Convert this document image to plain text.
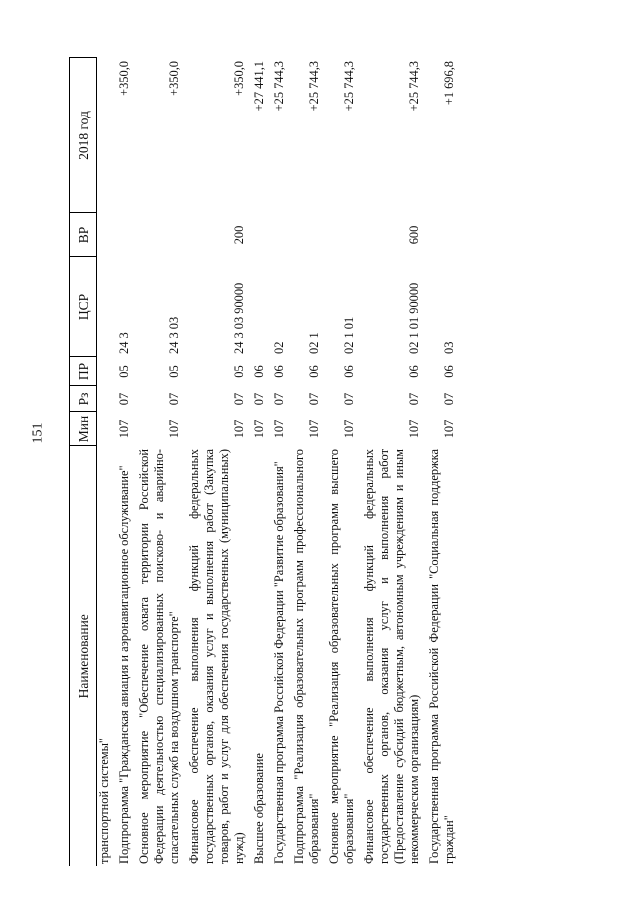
151
Наименование	Мин	Рз	ПР	ЦСР	ВР	2018 год
транспортной системы"						
Подпрограмма "Гражданская авиация и аэронавигационное обслуживание"	107	07	05	24 3		+350,0
Основное мероприятие "Обеспечение охвата территории Российской Федерации деятельностью специализированных поисково- и аварийно-спасательных служб на воздушном транспорте"	107	07	05	24 3 03		+350,0
Финансовое обеспечение выполнения функций федеральных государственных органов, оказания услуг и выполнения работ (Закупка товаров, работ и услуг для обеспечения государственных (муниципальных) нужд)	107	07	05	24 3 03 90000	200	+350,0
Высшее образование	107	07	06			+27 441,1
Государственная программа Российской Федерации "Развитие образования"	107	07	06	02		+25 744,3
Подпрограмма "Реализация образовательных программ профессионального образования"	107	07	06	02 1		+25 744,3
Основное мероприятие "Реализация образовательных программ высшего образования"	107	07	06	02 1 01		+25 744,3
Финансовое обеспечение выполнения функций федеральных государственных органов, оказания услуг и выполнения работ (Предоставление субсидий бюджетным, автономным учреждениям и иным некоммерческим организациям)	107	07	06	02 1 01 90000	600	+25 744,3
Государственная программа Российской Федерации "Социальная поддержка граждан"	107	07	06	03		+1 696,8
